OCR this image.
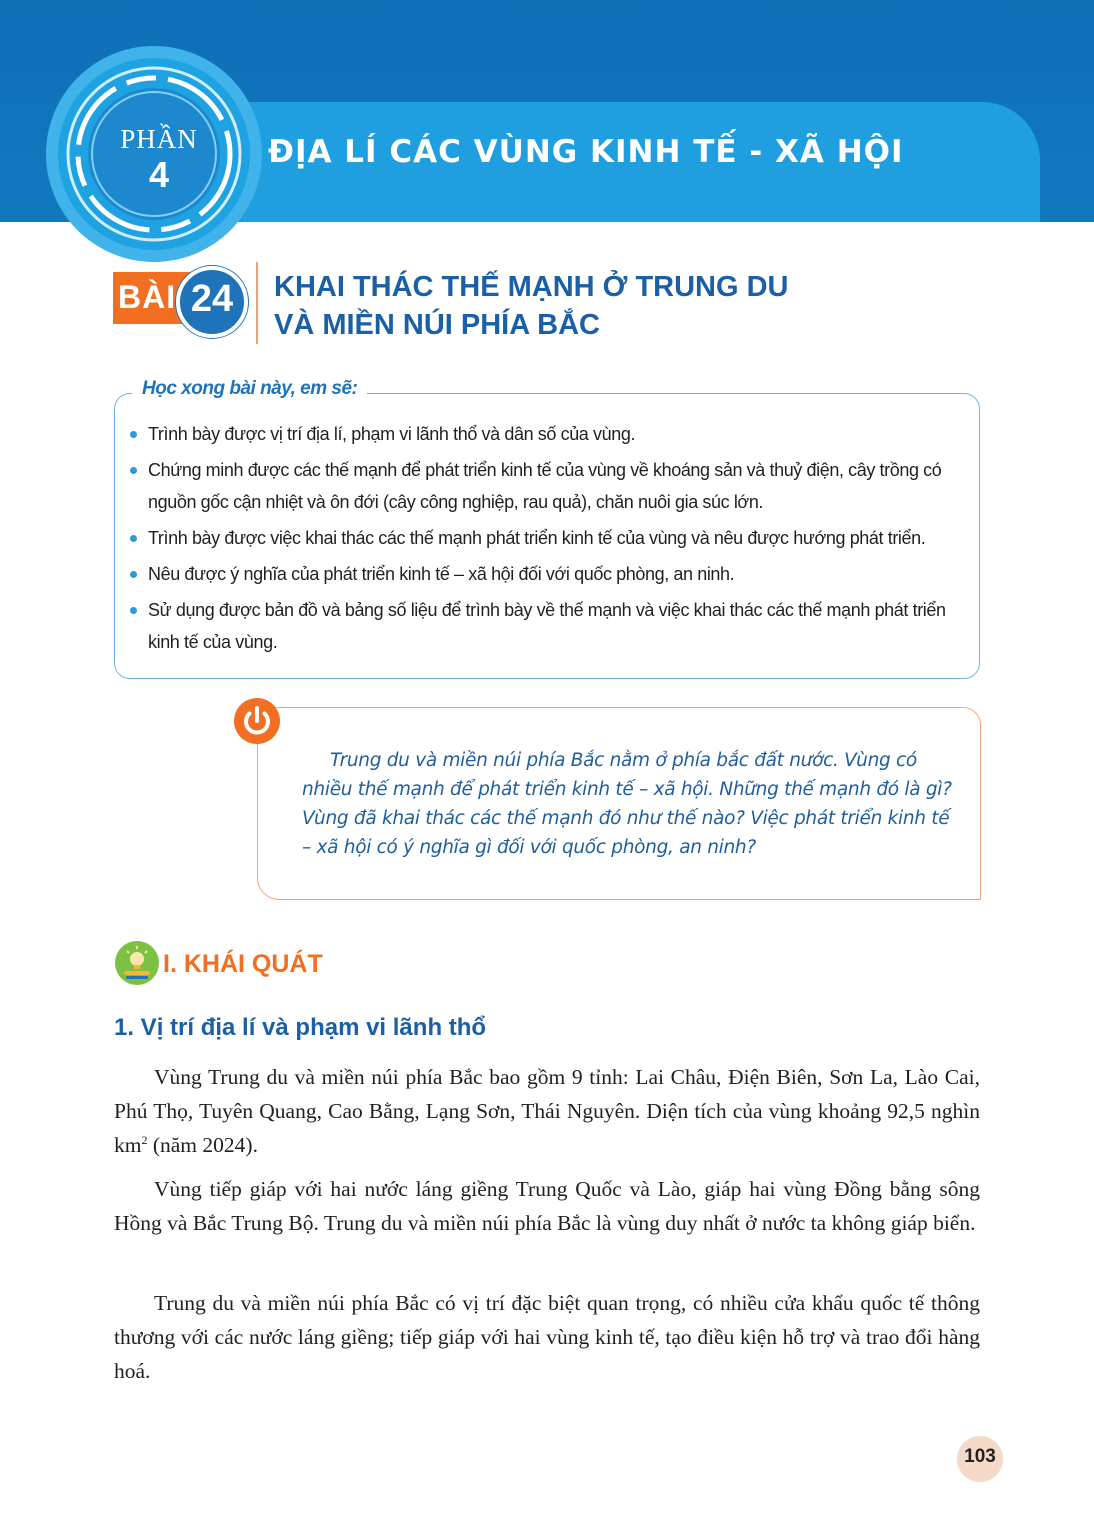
ĐỊA LÍ CÁC VÙNG KINH TẾ - XÃ HỘI
PHẦN
4
BÀI 24	KHAI THÁC THẾ MẠNH Ở TRUNG DU
VÀ MIỀN NÚI PHÍA BẮC
Học xong bài này, em sẽ:
Trình bày được vị trí địa lí, phạm vi lãnh thổ và dân số của vùng.
Chứng minh được các thế mạnh để phát triển kinh tế của vùng về khoáng sản và thuỷ điện, cây trồng có nguồn gốc cận nhiệt và ôn đới (cây công nghiệp, rau quả), chăn nuôi gia súc lớn.
Trình bày được việc khai thác các thế mạnh phát triển kinh tế của vùng và nêu được hướng phát triển.
Nêu được ý nghĩa của phát triển kinh tế – xã hội đối với quốc phòng, an ninh.
Sử dụng được bản đồ và bảng số liệu để trình bày về thế mạnh và việc khai thác các thế mạnh phát triển kinh tế của vùng.
Trung du và miền núi phía Bắc nằm ở phía bắc đất nước. Vùng có nhiều thế mạnh để phát triển kinh tế – xã hội. Những thế mạnh đó là gì? Vùng đã khai thác các thế mạnh đó như thế nào? Việc phát triển kinh tế – xã hội có ý nghĩa gì đối với quốc phòng, an ninh?
I. KHÁI QUÁT
1. Vị trí địa lí và phạm vi lãnh thổ

Vùng Trung du và miền núi phía Bắc bao gồm 9 tỉnh: Lai Châu, Điện Biên, Sơn La, Lào Cai, Phú Thọ, Tuyên Quang, Cao Bằng, Lạng Sơn, Thái Nguyên. Diện tích của vùng khoảng 92,5 nghìn $km^2$ (năm 2024).

Vùng tiếp giáp với hai nước láng giềng Trung Quốc và Lào, giáp hai vùng Đồng bằng sông Hồng và Bắc Trung Bộ. Trung du và miền núi phía Bắc là vùng duy nhất ở nước ta không giáp biển.

Trung du và miền núi phía Bắc có vị trí đặc biệt quan trọng, có nhiều cửa khẩu quốc tế thông thương với các nước láng giềng; tiếp giáp với hai vùng kinh tế, tạo điều kiện hỗ trợ và trao đổi hàng hoá.

103
